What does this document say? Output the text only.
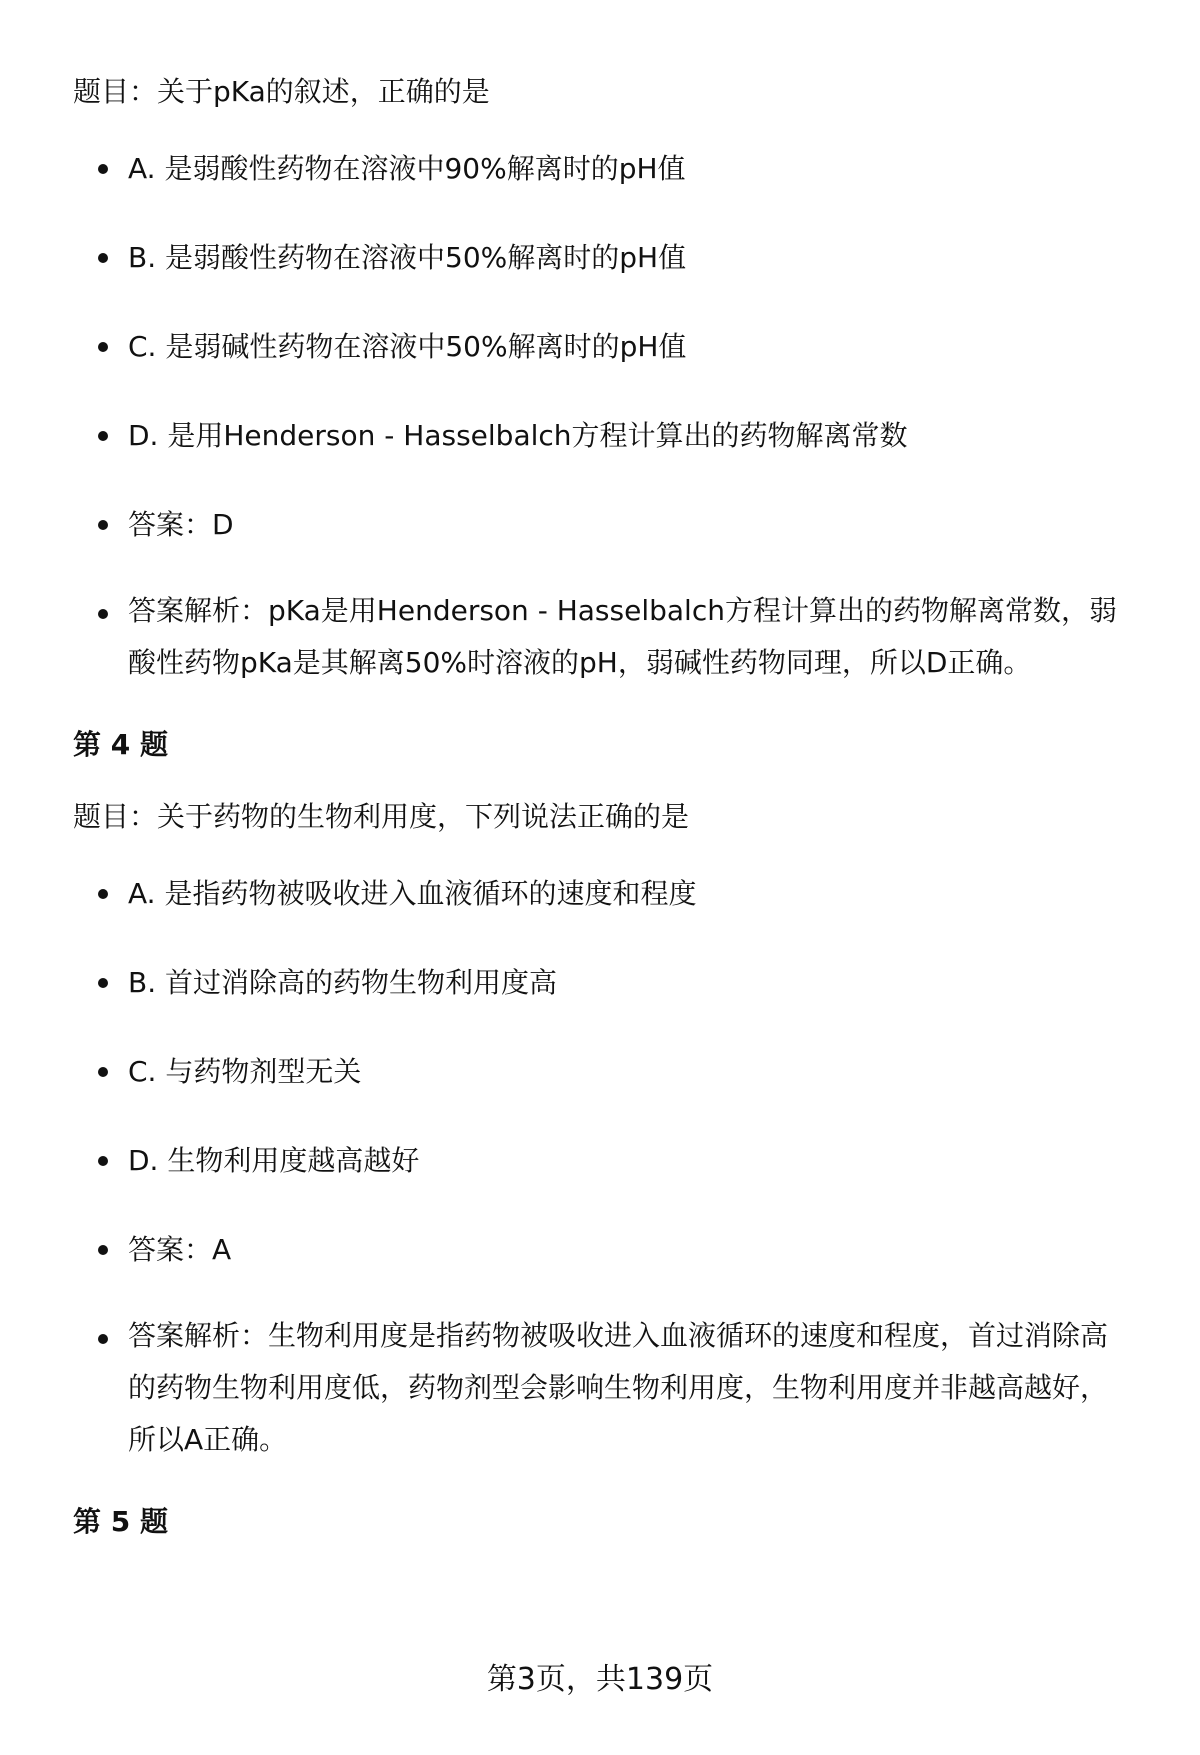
题目：关于pKa的叙述，正确的是
A. 是弱酸性药物在溶液中90%解离时的pH值
B. 是弱酸性药物在溶液中50%解离时的pH值
C. 是弱碱性药物在溶液中50%解离时的pH值
D. 是用Henderson - Hasselbalch方程计算出的药物解离常数
答案：D
答案解析：pKa是用Henderson - Hasselbalch方程计算出的药物解离常数，弱酸性药物pKa是其解离50%时溶液的pH，弱碱性药物同理，所以D正确。
第 4 题
题目：关于药物的生物利用度，下列说法正确的是
A. 是指药物被吸收进入血液循环的速度和程度
B. 首过消除高的药物生物利用度高
C. 与药物剂型无关
D. 生物利用度越高越好
答案：A
答案解析：生物利用度是指药物被吸收进入血液循环的速度和程度，首过消除高的药物生物利用度低，药物剂型会影响生物利用度，生物利用度并非越高越好，所以A正确。
第 5 题
第3页，共139页
